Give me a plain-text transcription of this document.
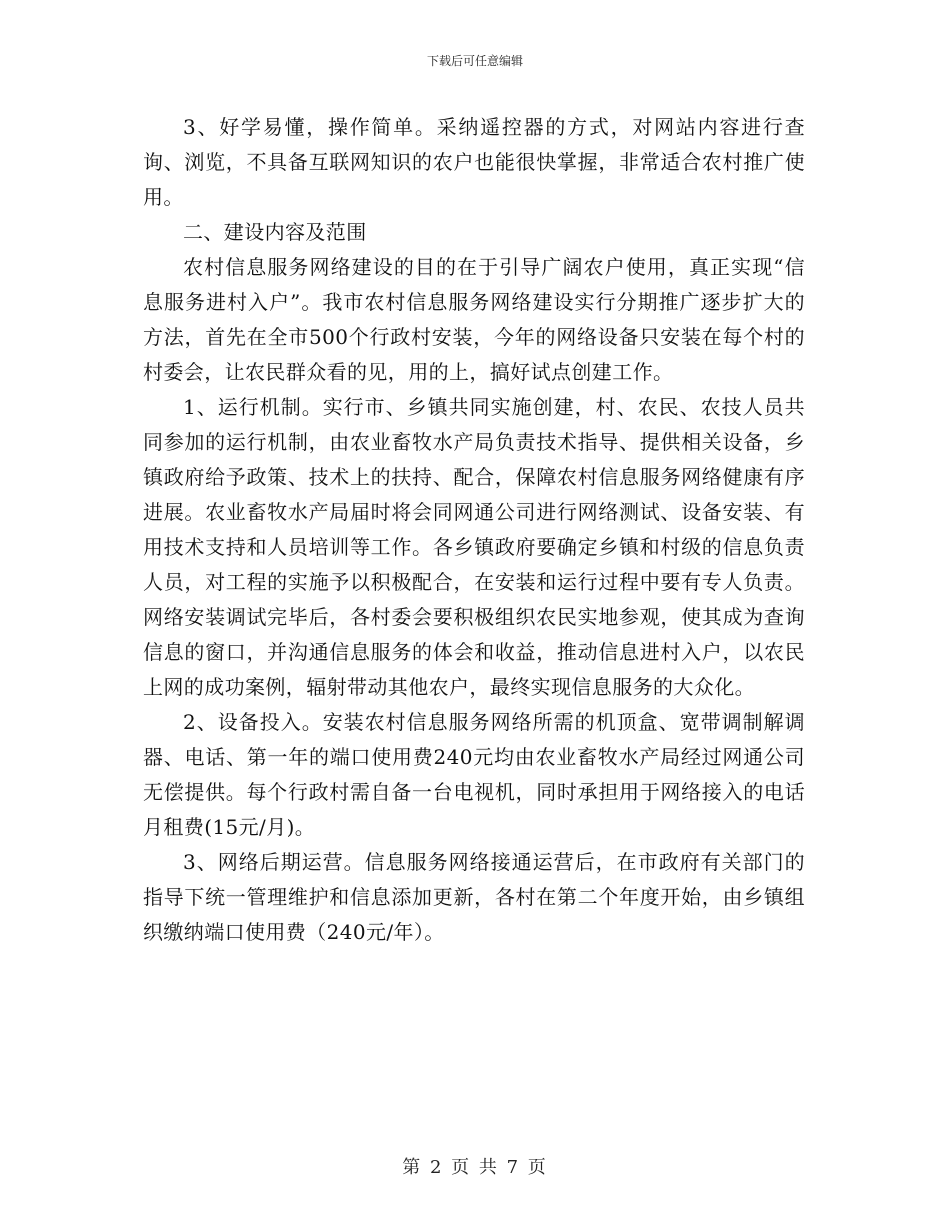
下载后可任意编辑

3、好学易懂，操作简单。采纳遥控器的方式，对网站内容进行查询、浏览，不具备互联网知识的农户也能很快掌握，非常适合农村推广使用。

二、建设内容及范围

农村信息服务网络建设的目的在于引导广阔农户使用，真正实现“信息服务进村入户”。我市农村信息服务网络建设实行分期推广逐步扩大的方法，首先在全市500个行政村安装，今年的网络设备只安装在每个村的村委会，让农民群众看的见，用的上，搞好试点创建工作。

1、运行机制。实行市、乡镇共同实施创建，村、农民、农技人员共同参加的运行机制，由农业畜牧水产局负责技术指导、提供相关设备，乡镇政府给予政策、技术上的扶持、配合，保障农村信息服务网络健康有序进展。农业畜牧水产局届时将会同网通公司进行网络测试、设备安装、有用技术支持和人员培训等工作。各乡镇政府要确定乡镇和村级的信息负责人员，对工程的实施予以积极配合，在安装和运行过程中要有专人负责。网络安装调试完毕后，各村委会要积极组织农民实地参观，使其成为查询信息的窗口，并沟通信息服务的体会和收益，推动信息进村入户，以农民上网的成功案例，辐射带动其他农户，最终实现信息服务的大众化。

2、设备投入。安装农村信息服务网络所需的机顶盒、宽带调制解调器、电话、第一年的端口使用费240元均由农业畜牧水产局经过网通公司无偿提供。每个行政村需自备一台电视机，同时承担用于网络接入的电话月租费(15元/月)。

3、网络后期运营。信息服务网络接通运营后，在市政府有关部门的指导下统一管理维护和信息添加更新，各村在第二个年度开始，由乡镇组织缴纳端口使用费（240元/年）。

第 2 页 共 7 页
